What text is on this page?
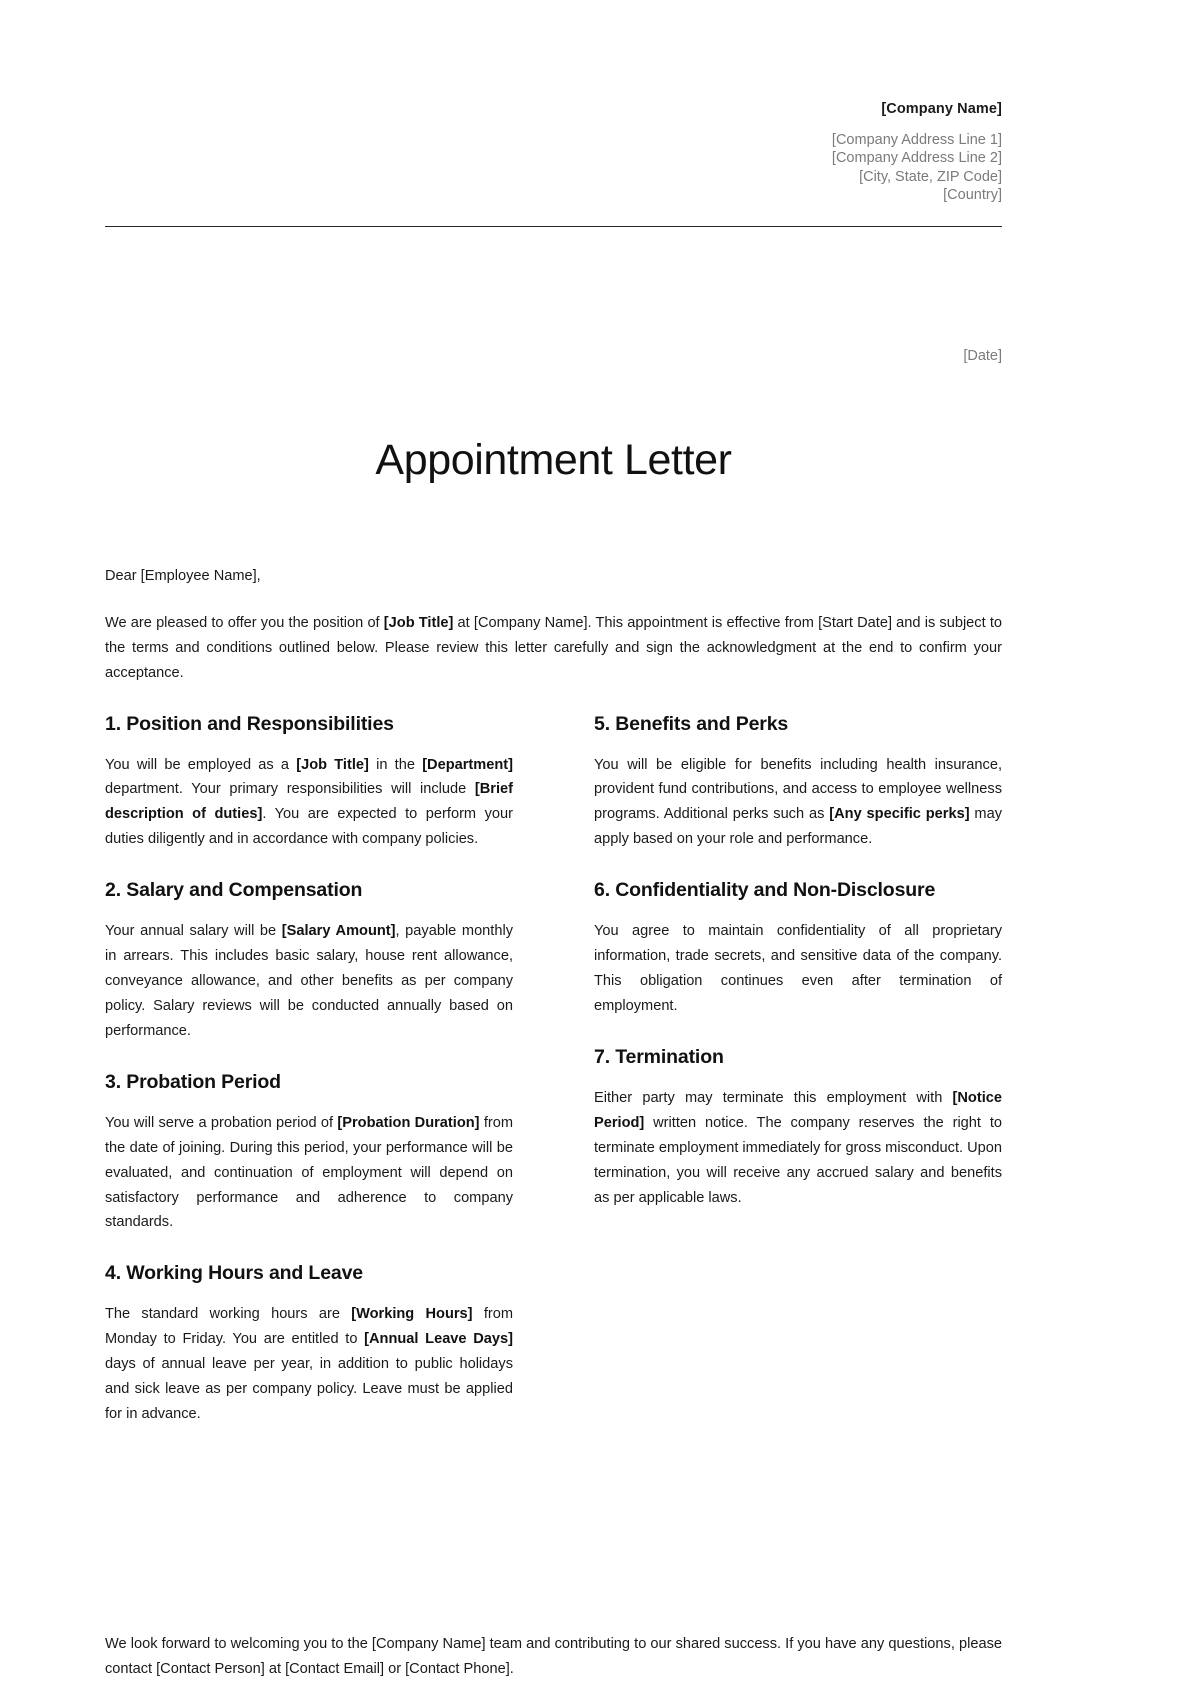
[Company Name]
[Company Address Line 1]
[Company Address Line 2]
[City, State, ZIP Code]
[Country]
[Date]
Appointment Letter
Dear [Employee Name],

We are pleased to offer you the position of [Job Title] at [Company Name]. This appointment is effective from [Start Date] and is subject to the terms and conditions outlined below. Please review this letter carefully and sign the acknowledgment at the end to confirm your acceptance.

1. Position and Responsibilities

You will be employed as a [Job Title] in the [Department] department. Your primary responsibilities will include [Brief description of duties]. You are expected to perform your duties diligently and in accordance with company policies.

2. Salary and Compensation

Your annual salary will be [Salary Amount], payable monthly in arrears. This includes basic salary, house rent allowance, conveyance allowance, and other benefits as per company policy. Salary reviews will be conducted annually based on performance.

3. Probation Period

You will serve a probation period of [Probation Duration] from the date of joining. During this period, your performance will be evaluated, and continuation of employment will depend on satisfactory performance and adherence to company standards.

4. Working Hours and Leave

The standard working hours are [Working Hours] from Monday to Friday. You are entitled to [Annual Leave Days] days of annual leave per year, in addition to public holidays and sick leave as per company policy. Leave must be applied for in advance.

5. Benefits and Perks

You will be eligible for benefits including health insurance, provident fund contributions, and access to employee wellness programs. Additional perks such as [Any specific perks] may apply based on your role and performance.

6. Confidentiality and Non-Disclosure

You agree to maintain confidentiality of all proprietary information, trade secrets, and sensitive data of the company. This obligation continues even after termination of employment.

7. Termination

Either party may terminate this employment with [Notice Period] written notice. The company reserves the right to terminate employment immediately for gross misconduct. Upon termination, you will receive any accrued salary and benefits as per applicable laws.

We look forward to welcoming you to the [Company Name] team and contributing to our shared success. If you have any questions, please contact [Contact Person] at [Contact Email] or [Contact Phone].
